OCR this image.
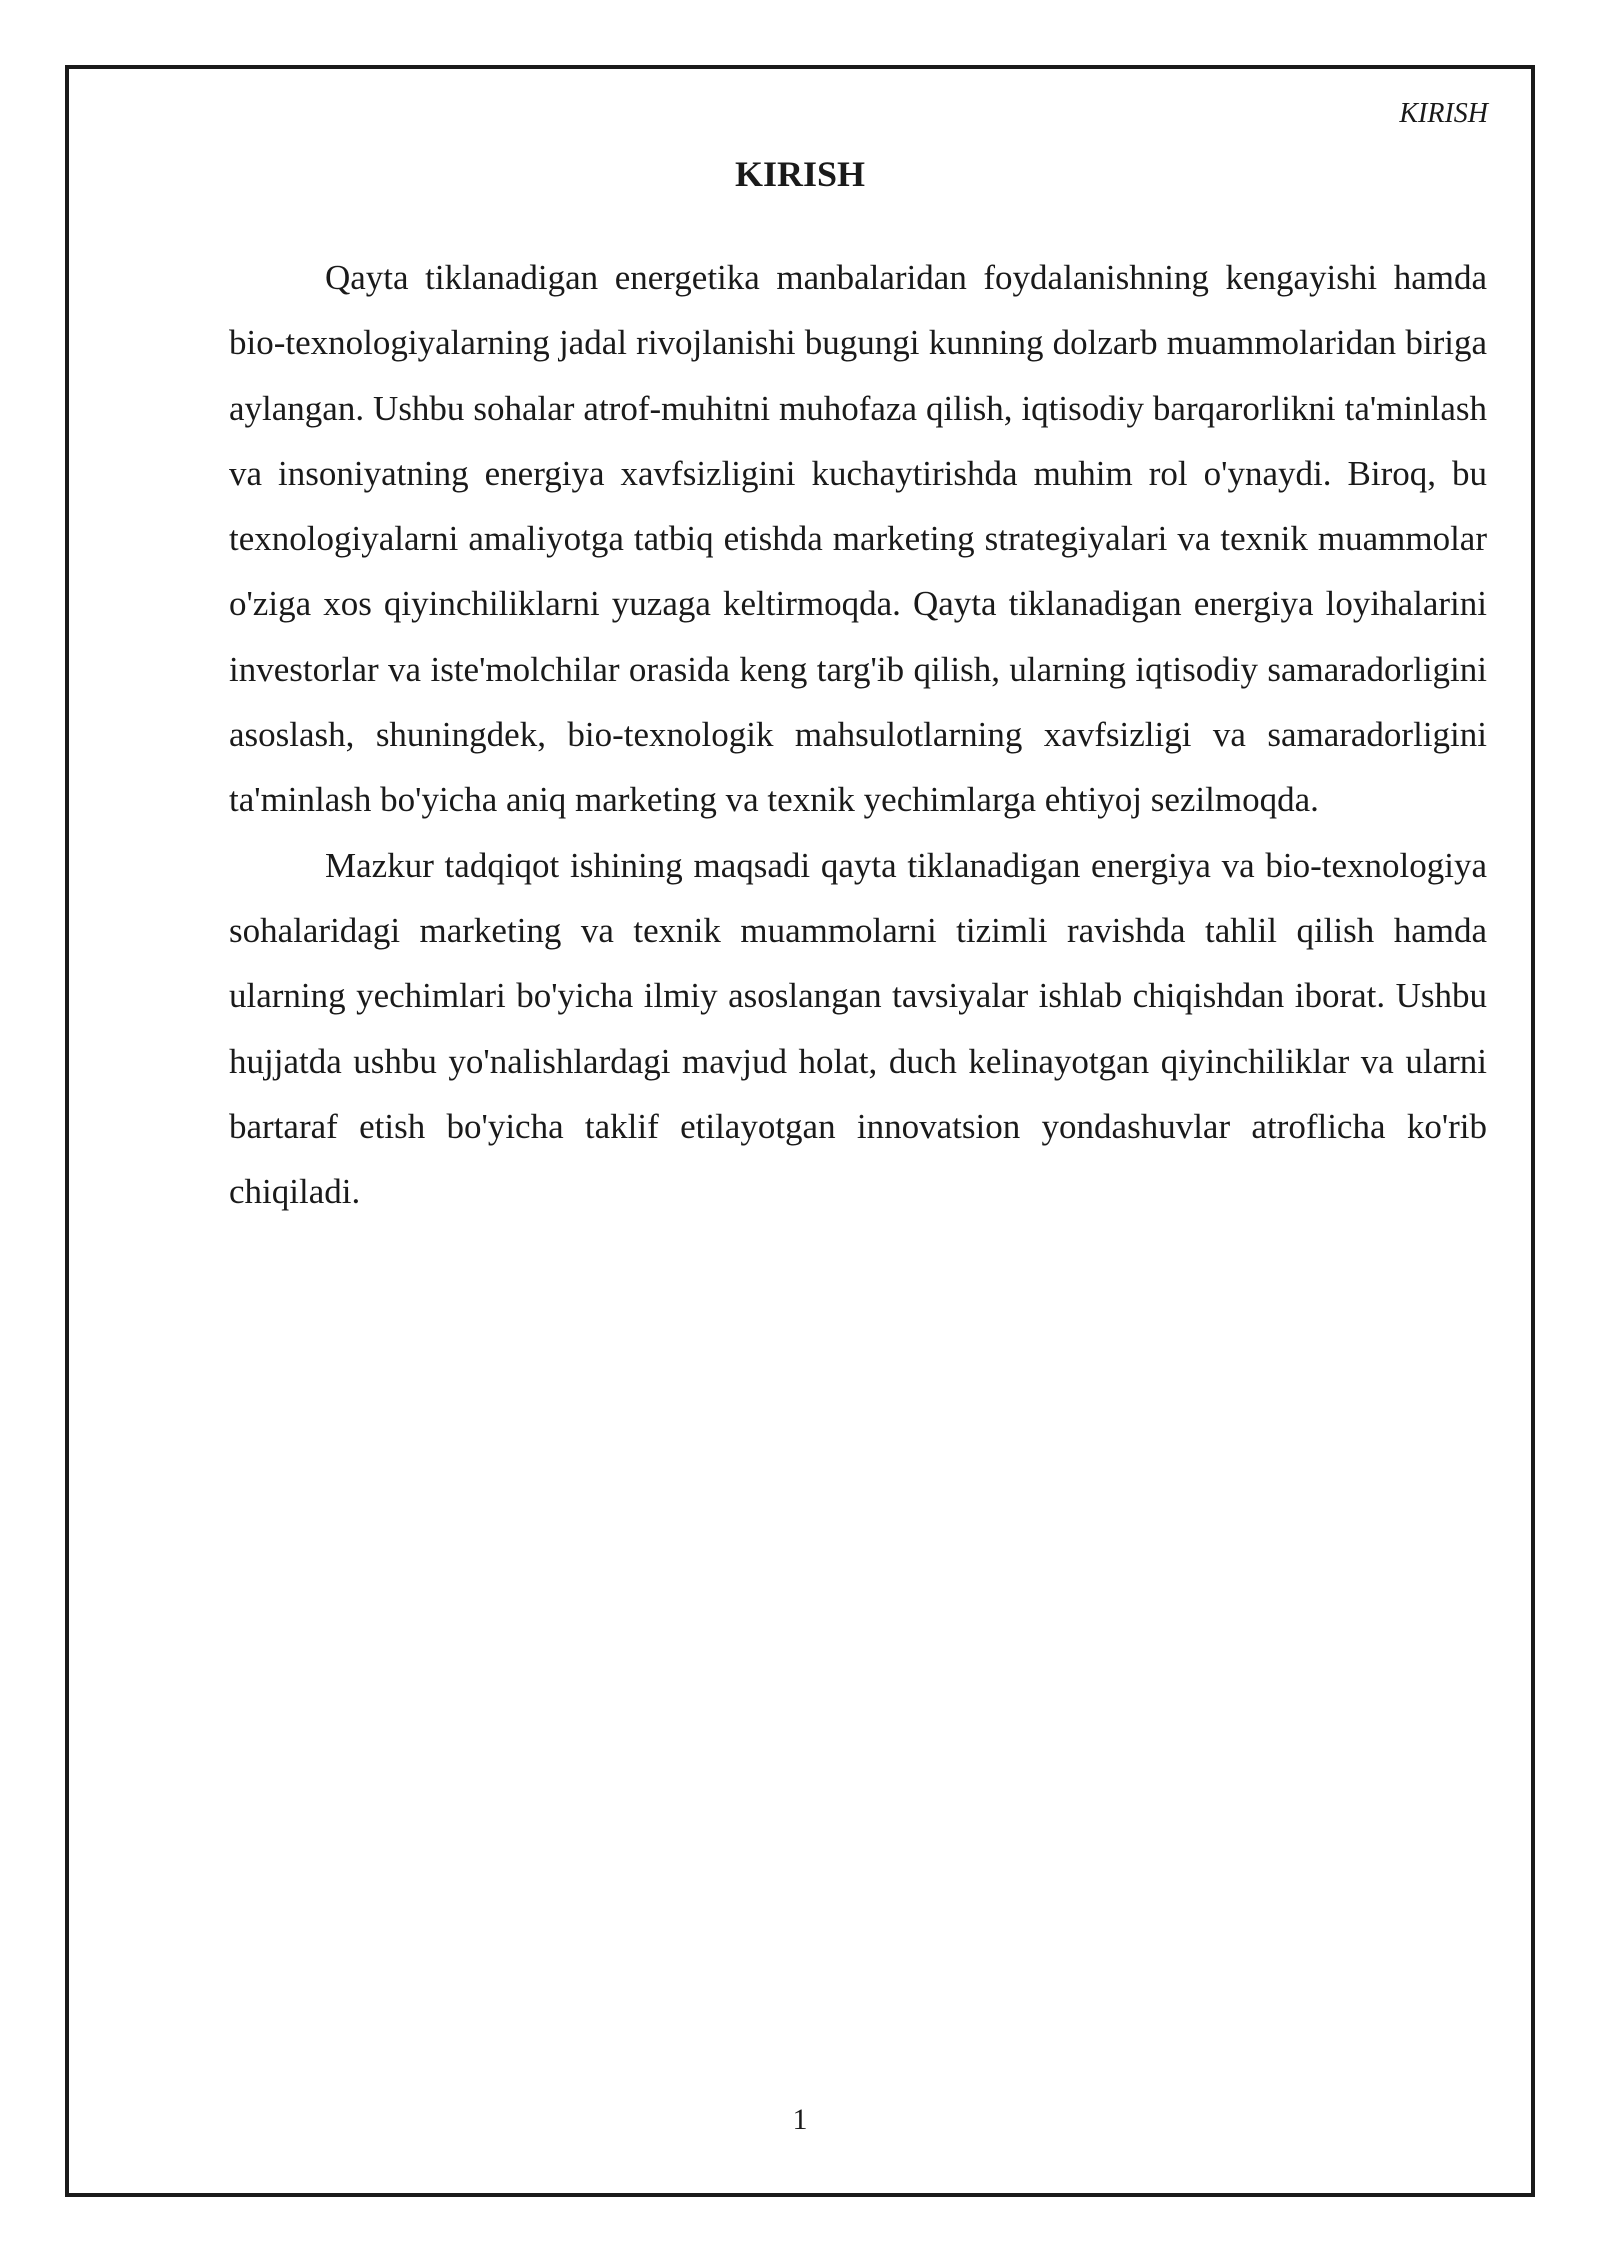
KIRISH

KIRISH

Qayta tiklanadigan energetika manbalaridan foydalanishning kengayishi hamda bio-texnologiyalarning jadal rivojlanishi bugungi kunning dolzarb muammolaridan biriga aylangan. Ushbu sohalar atrof-muhitni muhofaza qilish, iqtisodiy barqarorlikni ta'minlash va insoniyatning energiya xavfsizligini kuchaytirishda muhim rol o'ynaydi. Biroq, bu texnologiyalarni amaliyotga tatbiq etishda marketing strategiyalari va texnik muammolar o'ziga xos qiyinchiliklarni yuzaga keltirmoqda. Qayta tiklanadigan energiya loyihalarini investorlar va iste'molchilar orasida keng targ'ib qilish, ularning iqtisodiy samaradorligini asoslash, shuningdek, bio-texnologik mahsulotlarning xavfsizligi va samaradorligini ta'minlash bo'yicha aniq marketing va texnik yechimlarga ehtiyoj sezilmoqda.

Mazkur tadqiqot ishining maqsadi qayta tiklanadigan energiya va bio-texnologiya sohalaridagi marketing va texnik muammolarni tizimli ravishda tahlil qilish hamda ularning yechimlari bo'yicha ilmiy asoslangan tavsiyalar ishlab chiqishdan iborat. Ushbu hujjatda ushbu yo'nalishlardagi mavjud holat, duch kelinayotgan qiyinchiliklar va ularni bartaraf etish bo'yicha taklif etilayotgan innovatsion yondashuvlar atroflicha ko'rib chiqiladi.

1
